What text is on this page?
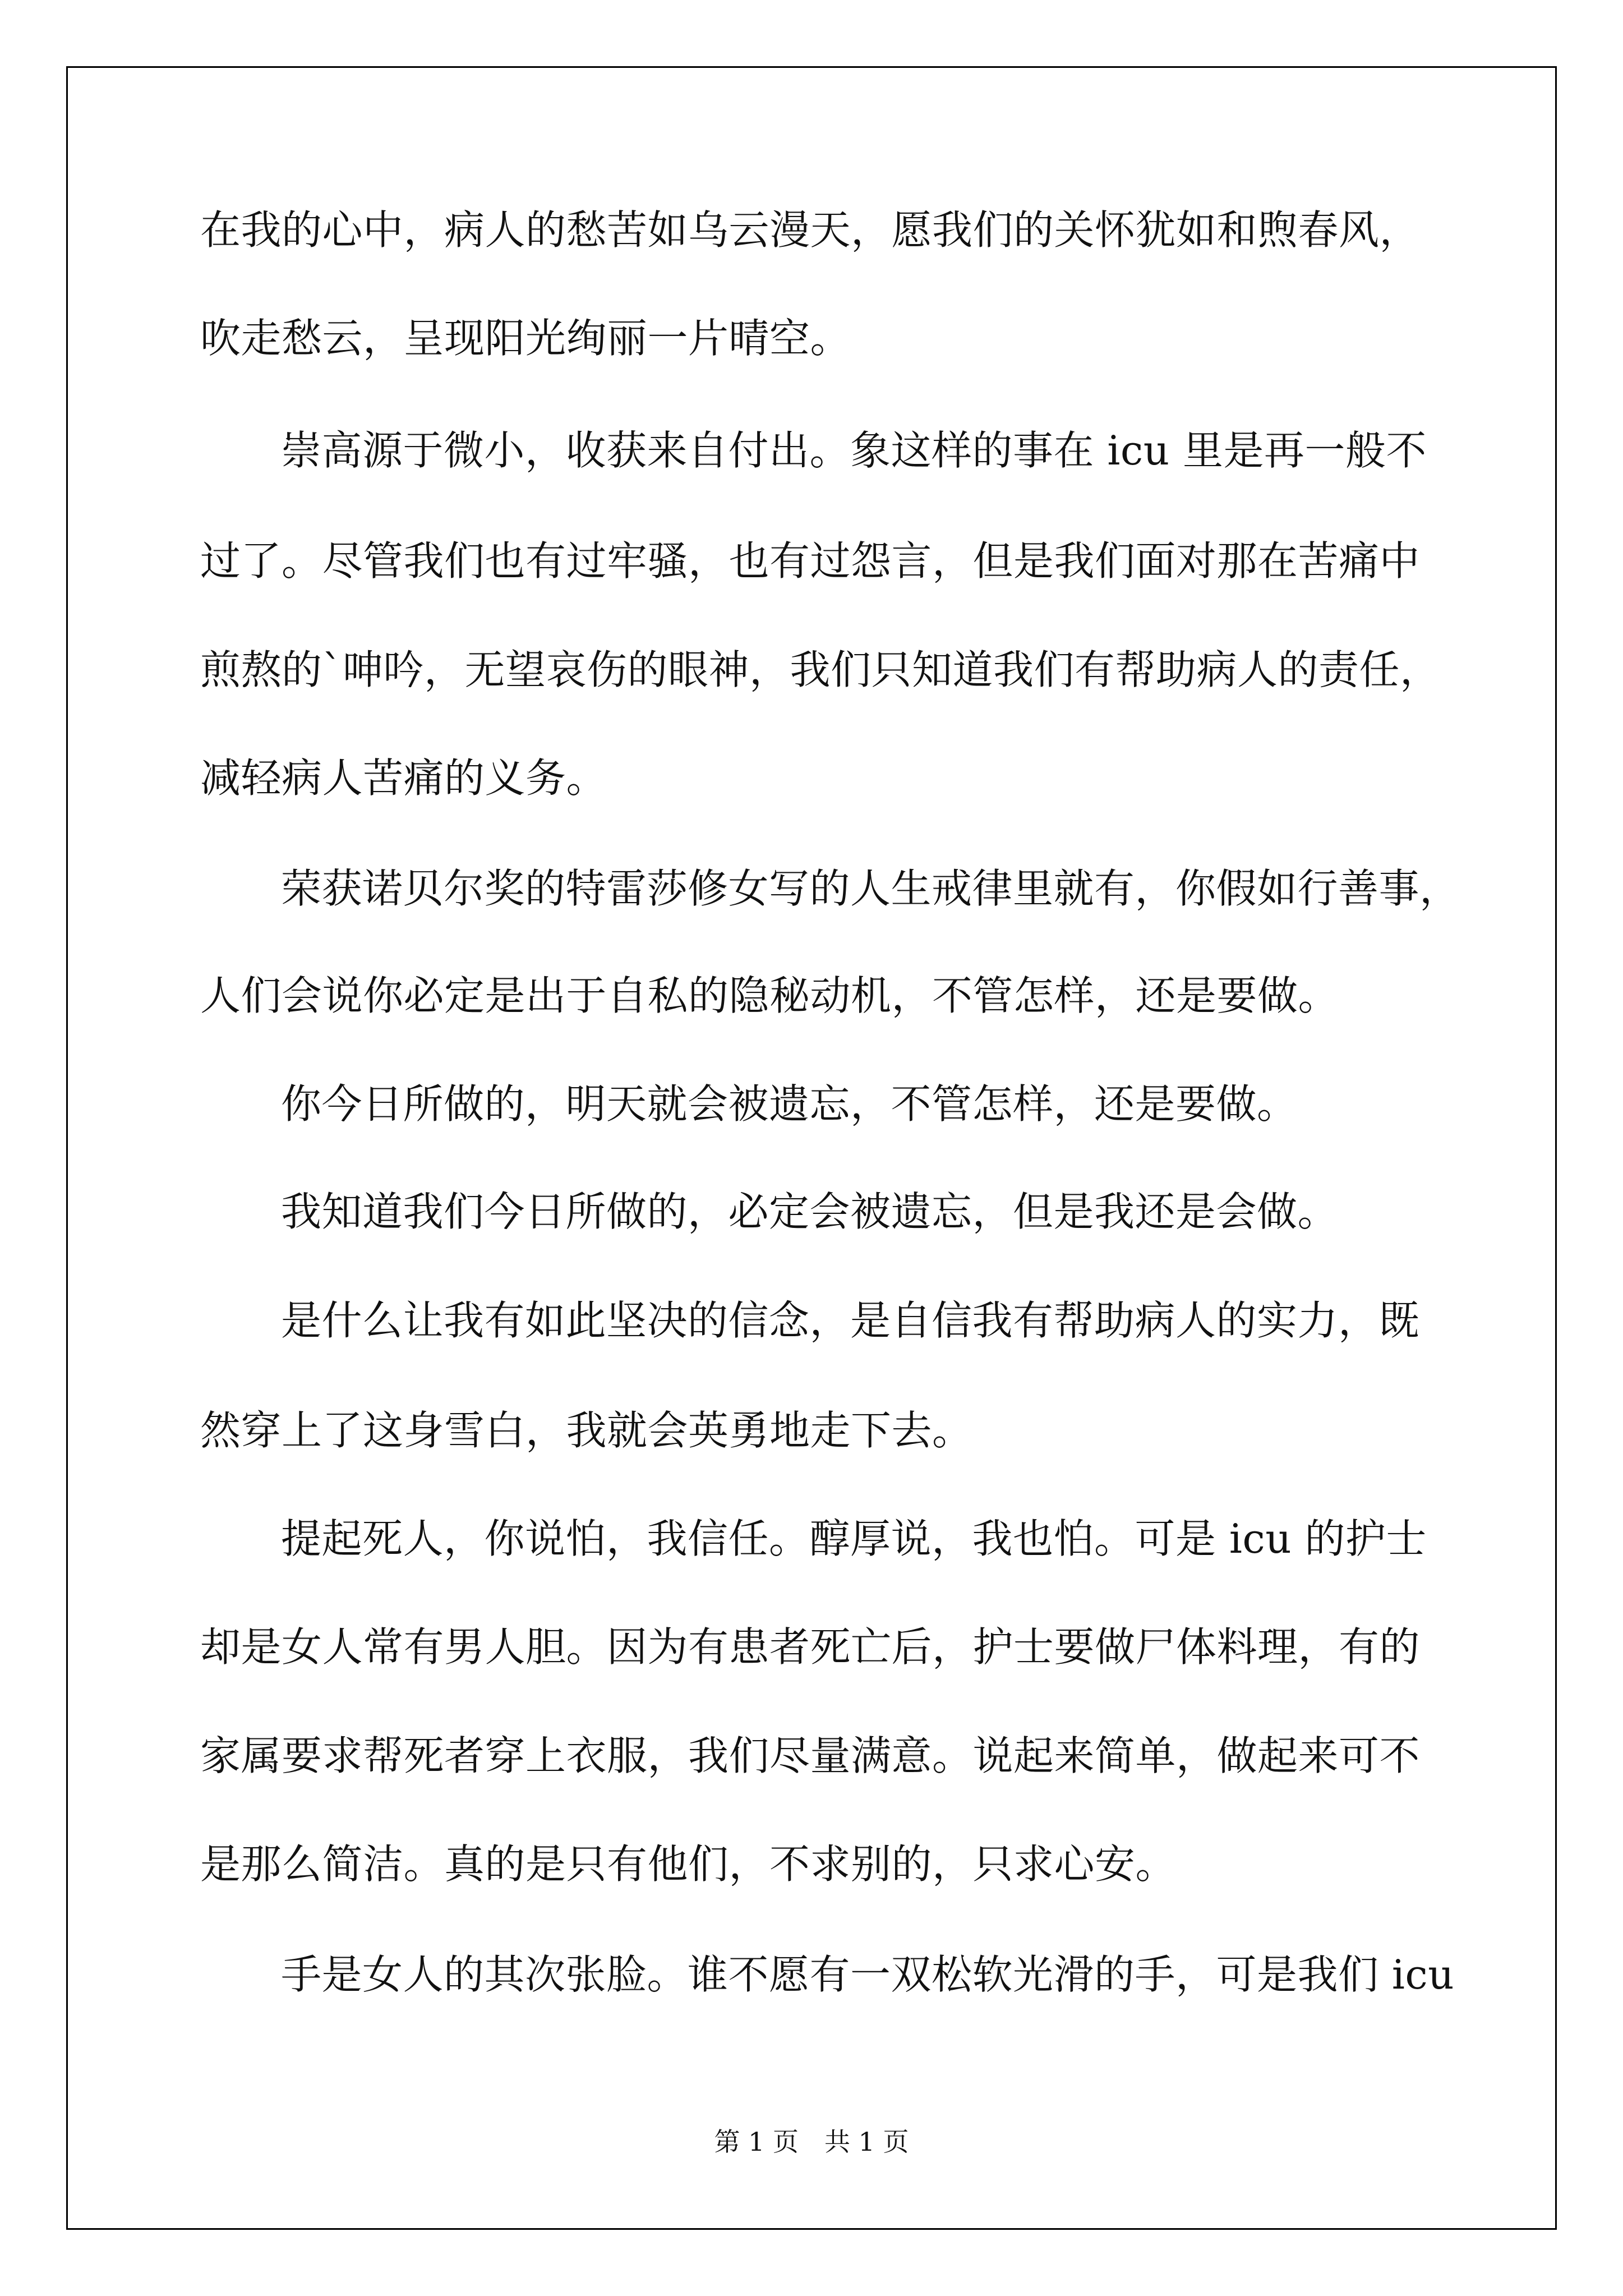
在我的心中，病人的愁苦如乌云漫天，愿我们的关怀犹如和煦春风，
吹走愁云，呈现阳光绚丽一片晴空。
崇高源于微小，收获来自付出。象这样的事在 icu 里是再一般不
过了。尽管我们也有过牢骚，也有过怨言，但是我们面对那在苦痛中
煎熬的`呻吟，无望哀伤的眼神，我们只知道我们有帮助病人的责任，
减轻病人苦痛的义务。
荣获诺贝尔奖的特雷莎修女写的人生戒律里就有，你假如行善事，
人们会说你必定是出于自私的隐秘动机，不管怎样，还是要做。
你今日所做的，明天就会被遗忘，不管怎样，还是要做。
我知道我们今日所做的，必定会被遗忘，但是我还是会做。
是什么让我有如此坚决的信念，是自信我有帮助病人的实力，既
然穿上了这身雪白，我就会英勇地走下去。
提起死人，你说怕，我信任。醇厚说，我也怕。可是 icu 的护士
却是女人常有男人胆。因为有患者死亡后，护士要做尸体料理，有的
家属要求帮死者穿上衣服，我们尽量满意。说起来简单，做起来可不
是那么简洁。真的是只有他们，不求别的，只求心安。
手是女人的其次张脸。谁不愿有一双松软光滑的手，可是我们 icu
第 1 页　共 1 页
